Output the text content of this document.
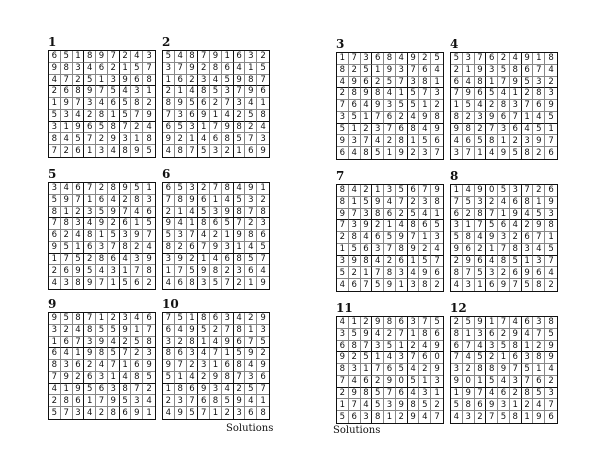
Solutions	Solutions
1
6 5 1 8 9 7 2 4 3
9 8 3 4 6 2 1 5 7
4 7 2 5 1 3 9 6 8
2 6 8 9 7 5 4 3 1
1 9 7 3 4 6 5 8 2
5 3 4 2 8 1 5 7 9
3 1 9 6 5 8 7 2 4
8 4 5 7 2 9 3 1 8
7 2 6 1 3 4 8 9 5
2
5 4 8 7 9 1 6 3 2
3 7 9 2 8 6 4 1 5
1 6 2 3 4 5 9 8 7
2 1 4 8 5 3 7 9 6
8 9 5 6 2 7 3 4 1
7 3 6 9 1 4 2 5 8
6 5 3 1 7 9 8 2 4
9 2 1 4 6 8 5 7 3
4 8 7 5 3 2 1 6 9
3
1 7 3 6 8 4 9 2 5
8 2 5 1 9 3 7 6 4
4 9 6 2 5 7 3 8 1
2 8 9 8 4 1 5 7 3
7 6 4 9 3 5 5 1 2
3 5 1 7 6 2 4 9 8
5 1 2 3 7 6 8 4 9
9 3 7 4 2 8 1 5 6
6 4 8 5 1 9 2 3 7
4
5 3 7 6 2 4 9 1 8
2 1 9 3 5 8 6 7 4
6 4 8 1 7 9 5 3 2
7 9 6 5 4 1 2 8 3
1 5 4 2 8 3 7 6 9
8 2 3 9 6 7 1 4 5
9 8 2 7 3 6 4 5 1
4 6 5 8 1 2 3 9 7
3 7 1 4 9 5 8 2 6
5
3 4 6 7 2 8 9 5 1
5 9 7 1 6 4 2 8 3
8 1 2 3 5 9 7 4 6
7 8 3 4 9 2 6 1 5
6 2 4 8 1 5 3 9 7
9 5 1 6 3 7 8 2 4
1 7 5 2 8 6 4 3 9
2 6 9 5 4 3 1 7 8
4 3 8 9 7 1 5 6 2
6
6 5 3 2 7 8 4 9 1
7 8 9 6 1 4 5 3 2
2 1 4 5 3 9 8 7 8
9 4 1 8 6 5 7 2 3
5 3 7 4 2 1 9 8 6
8 2 6 7 9 3 1 4 5
3 9 2 1 4 6 8 5 7
1 7 5 9 8 2 3 6 4
4 6 8 3 5 7 2 1 9
7
8 4 2 1 3 5 6 7 9
8 1 5 9 4 7 2 3 8
9 7 3 8 6 2 5 4 1
7 3 9 2 1 4 8 6 5
2 8 4 6 5 9 7 1 3
1 5 6 3 7 8 9 2 4
3 9 8 4 2 6 1 5 7
5 2 1 7 8 3 4 9 6
4 6 7 5 9 1 3 8 2
8
1 4 9 0 5 3 7 2 6
7 5 3 2 4 6 8 1 9
6 2 8 7 1 9 4 5 3
3 1 7 5 6 4 2 9 8
5 8 4 9 3 2 6 7 1
9 6 2 1 7 8 3 4 5
2 9 6 4 8 5 1 3 7
8 7 5 3 2 6 9 6 4
4 3 1 6 9 7 5 8 2
9
9 5 8 7 1 2 3 4 6
3 2 4 8 5 5 9 1 7
1 6 7 3 9 4 2 5 8
6 4 1 9 8 5 7 2 3
8 3 6 2 4 7 1 6 9
7 9 2 6 3 1 4 8 5
4 1 9 5 6 3 8 7 2
2 8 6 1 7 9 5 3 4
5 7 3 4 2 8 6 9 1
10
7 5 1 8 6 3 4 2 9
6 4 9 5 2 7 8 1 3
3 2 8 1 4 9 6 7 5
8 6 3 4 7 1 5 9 2
9 7 2 3 1 6 8 4 9
5 1 4 2 9 8 7 3 6
1 8 6 9 3 4 2 5 7
2 3 7 6 8 5 9 4 1
4 9 5 7 1 2 3 6 8
11
4 1 2 9 8 6 3 7 5
3 5 9 4 2 7 1 8 6
6 8 7 3 5 1 2 4 9
9 2 5 1 4 3 7 6 0
8 3 1 7 6 5 4 2 9
7 4 6 2 9 0 5 1 3
2 9 8 5 7 6 4 3 1
1 7 4 5 3 9 8 5 2
5 6 3 8 1 2 9 4 7
12
2 5 9 1 7 4 6 3 8
8 1 3 6 2 9 4 7 5
6 7 4 3 5 8 1 2 9
7 4 5 2 1 6 3 8 9
3 2 8 8 9 7 5 1 4
9 0 1 5 4 3 7 6 2
1 9 7 4 6 2 8 5 3
5 8 6 9 3 1 2 4 7
4 3 2 7 5 8 1 9 6
